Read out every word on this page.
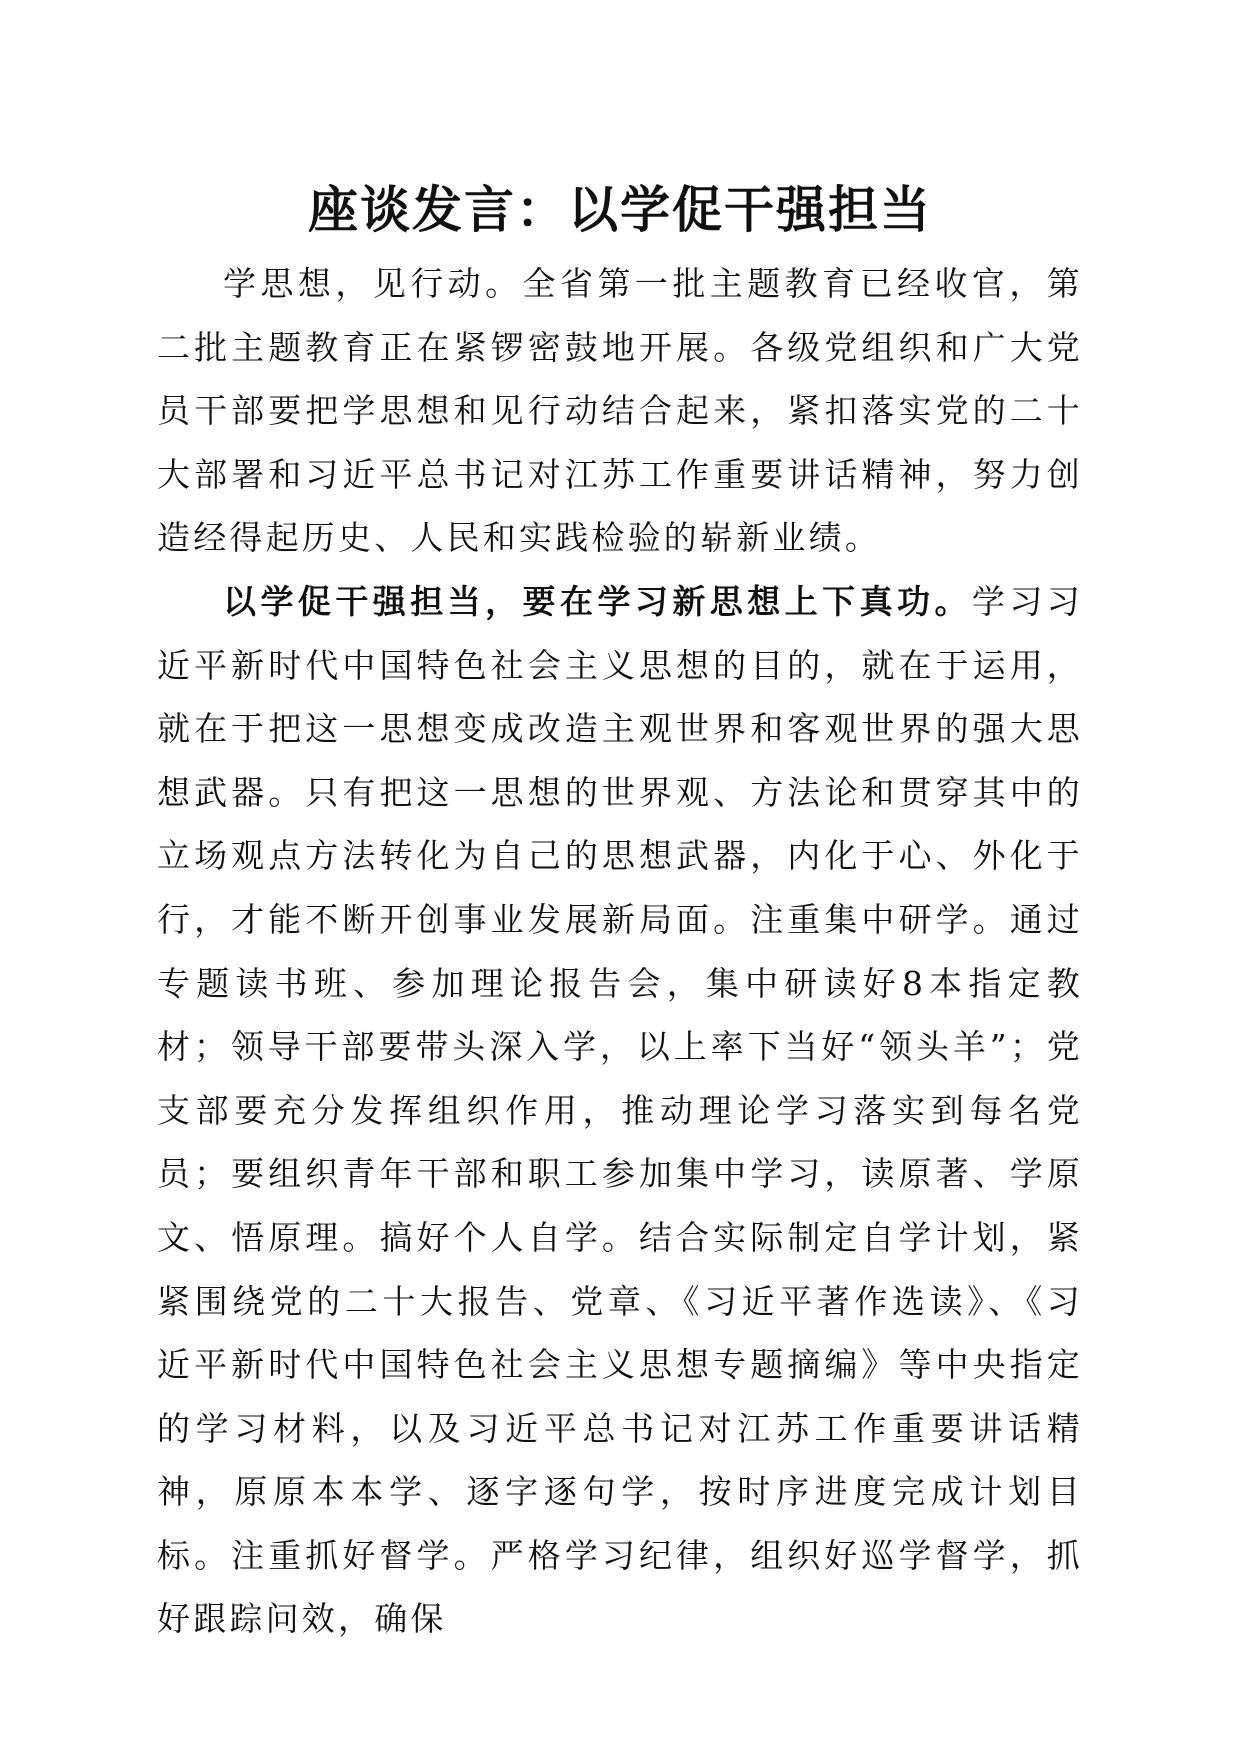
座谈发言：以学促干强担当

学思想，见行动。全省第一批主题教育已经收官，第二批主题教育正在紧锣密鼓地开展。各级党组织和广大党员干部要把学思想和见行动结合起来，紧扣落实党的二十大部署和习近平总书记对江苏工作重要讲话精神，努力创造经得起历史、人民和实践检验的崭新业绩。

以学促干强担当，要在学习新思想上下真功。学习习近平新时代中国特色社会主义思想的目的，就在于运用，就在于把这一思想变成改造主观世界和客观世界的强大思想武器。只有把这一思想的世界观、方法论和贯穿其中的立场观点方法转化为自己的思想武器，内化于心、外化于行，才能不断开创事业发展新局面。注重集中研学。通过专题读书班、参加理论报告会，集中研读好8本指定教材；领导干部要带头深入学，以上率下当好“领头羊”；党支部要充分发挥组织作用，推动理论学习落实到每名党员；要组织青年干部和职工参加集中学习，读原著、学原文、悟原理。搞好个人自学。结合实际制定自学计划，紧紧围绕党的二十大报告、党章、《习近平著作选读》、《习近平新时代中国特色社会主义思想专题摘编》等中央指定的学习材料，以及习近平总书记对江苏工作重要讲话精神，原原本本学、逐字逐句学，按时序进度完成计划目标。注重抓好督学。严格学习纪律，组织好巡学督学，抓好跟踪问效，确保
